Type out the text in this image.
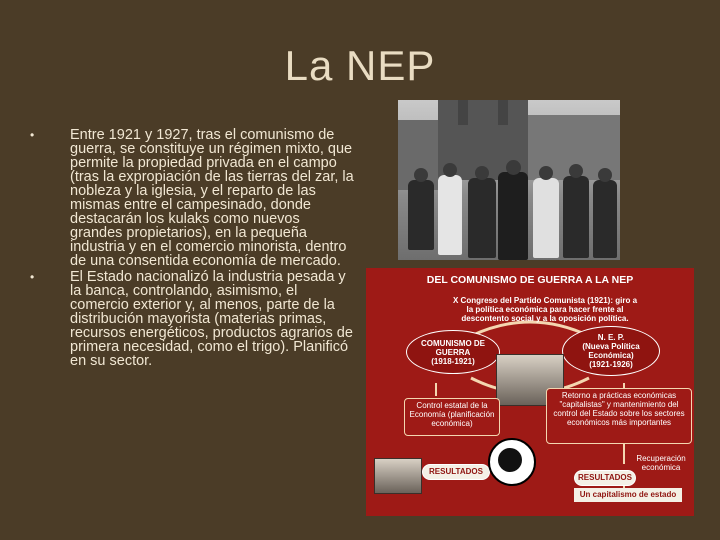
La NEP
• Entre 1921 y 1927, tras el comunismo de guerra, se constituye un régimen mixto, que permite la propiedad privada en el campo (tras la expropiación de las tierras del zar, la nobleza y la iglesia, y el reparto de las mismas entre el campesinado, donde destacarán los kulaks como nuevos grandes propietarios), en la pequeña industria y en el comercio minorista, dentro de una consentida economía de mercado.
• El Estado nacionalizó la industria pesada y la banca, controlando, asimismo, el comercio exterior y, al menos, parte de la distribución mayorista (materias primas, recursos energéticos, productos agrarios de primera necesidad, como el trigo). Planificó en su sector.
DEL COMUNISMO DE GUERRA A LA NEP
X Congreso del Partido Comunista (1921): giro a la política económica para hacer frente al descontento social y a la oposición política.
COMUNISMO DE
GUERRA
(1918-1921)
N. E. P.
(Nueva Política
Económica)
(1921-1926)
Control estatal de la Economía (planificación económica)
Retorno a prácticas económicas "capitalistas" y mantenimiento del control del Estado sobre los sectores económicos más importantes
RESULTADOS
Recuperación económica
RESULTADOS
Un capitalismo de estado
